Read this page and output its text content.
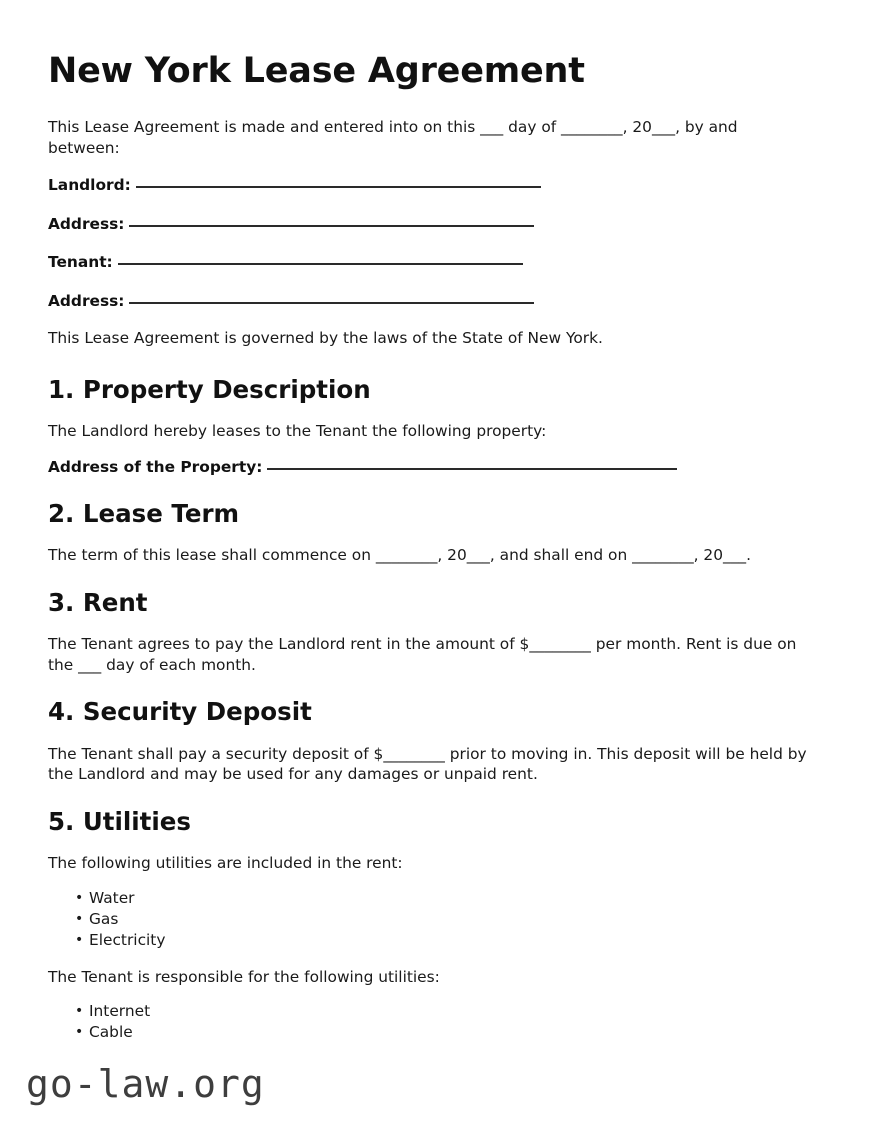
New York Lease Agreement

This Lease Agreement is made and entered into on this ___ day of ________, 20___, by and between:

Landlord:
Address:
Tenant:
Address:

This Lease Agreement is governed by the laws of the State of New York.

1. Property Description

The Landlord hereby leases to the Tenant the following property:

Address of the Property:
2. Lease Term

The term of this lease shall commence on ________, 20___, and shall end on ________, 20___.

3. Rent

The Tenant agrees to pay the Landlord rent in the amount of $________ per month. Rent is due on the ___ day of each month.

4. Security Deposit

The Tenant shall pay a security deposit of $________ prior to moving in. This deposit will be held by the Landlord and may be used for any damages or unpaid rent.

5. Utilities

The following utilities are included in the rent:

• Water
• Gas
• Electricity

The Tenant is responsible for the following utilities:

• Internet
• Cable
go-law.org
